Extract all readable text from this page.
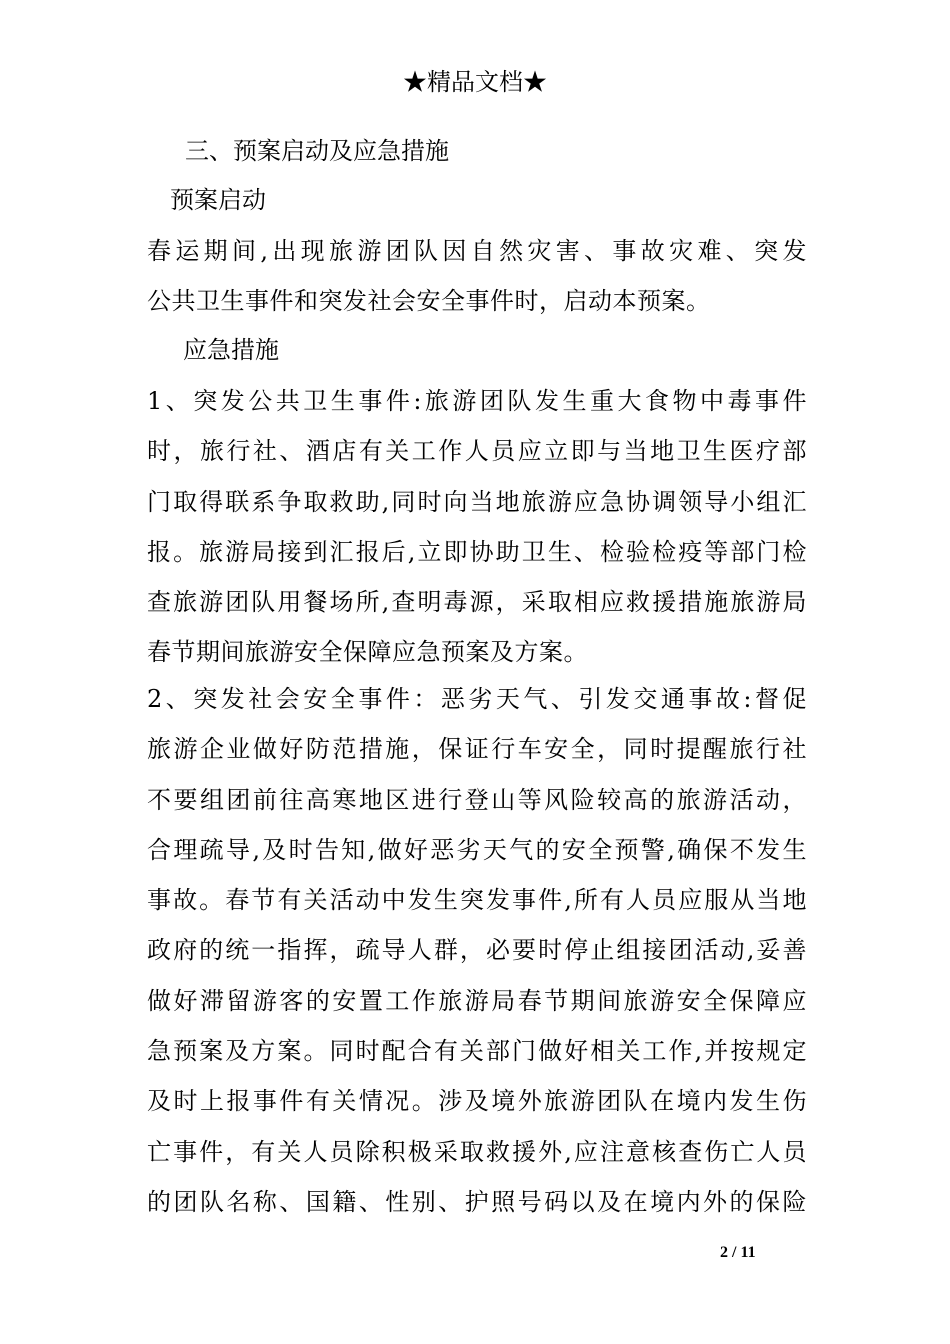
★精品文档★
三、预案启动及应急措施
预案启动
春运期间,出现旅游团队因自然灾害、事故灾难、突发
公共卫生事件和突发社会安全事件时，启动本预案。
应急措施
1、突发公共卫生事件:旅游团队发生重大食物中毒事件
时，旅行社、酒店有关工作人员应立即与当地卫生医疗部
门取得联系争取救助,同时向当地旅游应急协调领导小组汇
报。旅游局接到汇报后,立即协助卫生、检验检疫等部门检
查旅游团队用餐场所,查明毒源，采取相应救援措施旅游局
春节期间旅游安全保障应急预案及方案。
2、突发社会安全事件：恶劣天气、引发交通事故:督促
旅游企业做好防范措施，保证行车安全，同时提醒旅行社
不要组团前往高寒地区进行登山等风险较高的旅游活动，
合理疏导,及时告知,做好恶劣天气的安全预警,确保不发生
事故。春节有关活动中发生突发事件,所有人员应服从当地
政府的统一指挥，疏导人群，必要时停止组接团活动,妥善
做好滞留游客的安置工作旅游局春节期间旅游安全保障应
急预案及方案。同时配合有关部门做好相关工作,并按规定
及时上报事件有关情况。涉及境外旅游团队在境内发生伤
亡事件，有关人员除积极采取救援外,应注意核查伤亡人员
的团队名称、国籍、性别、护照号码以及在境内外的保险
2 / 11
